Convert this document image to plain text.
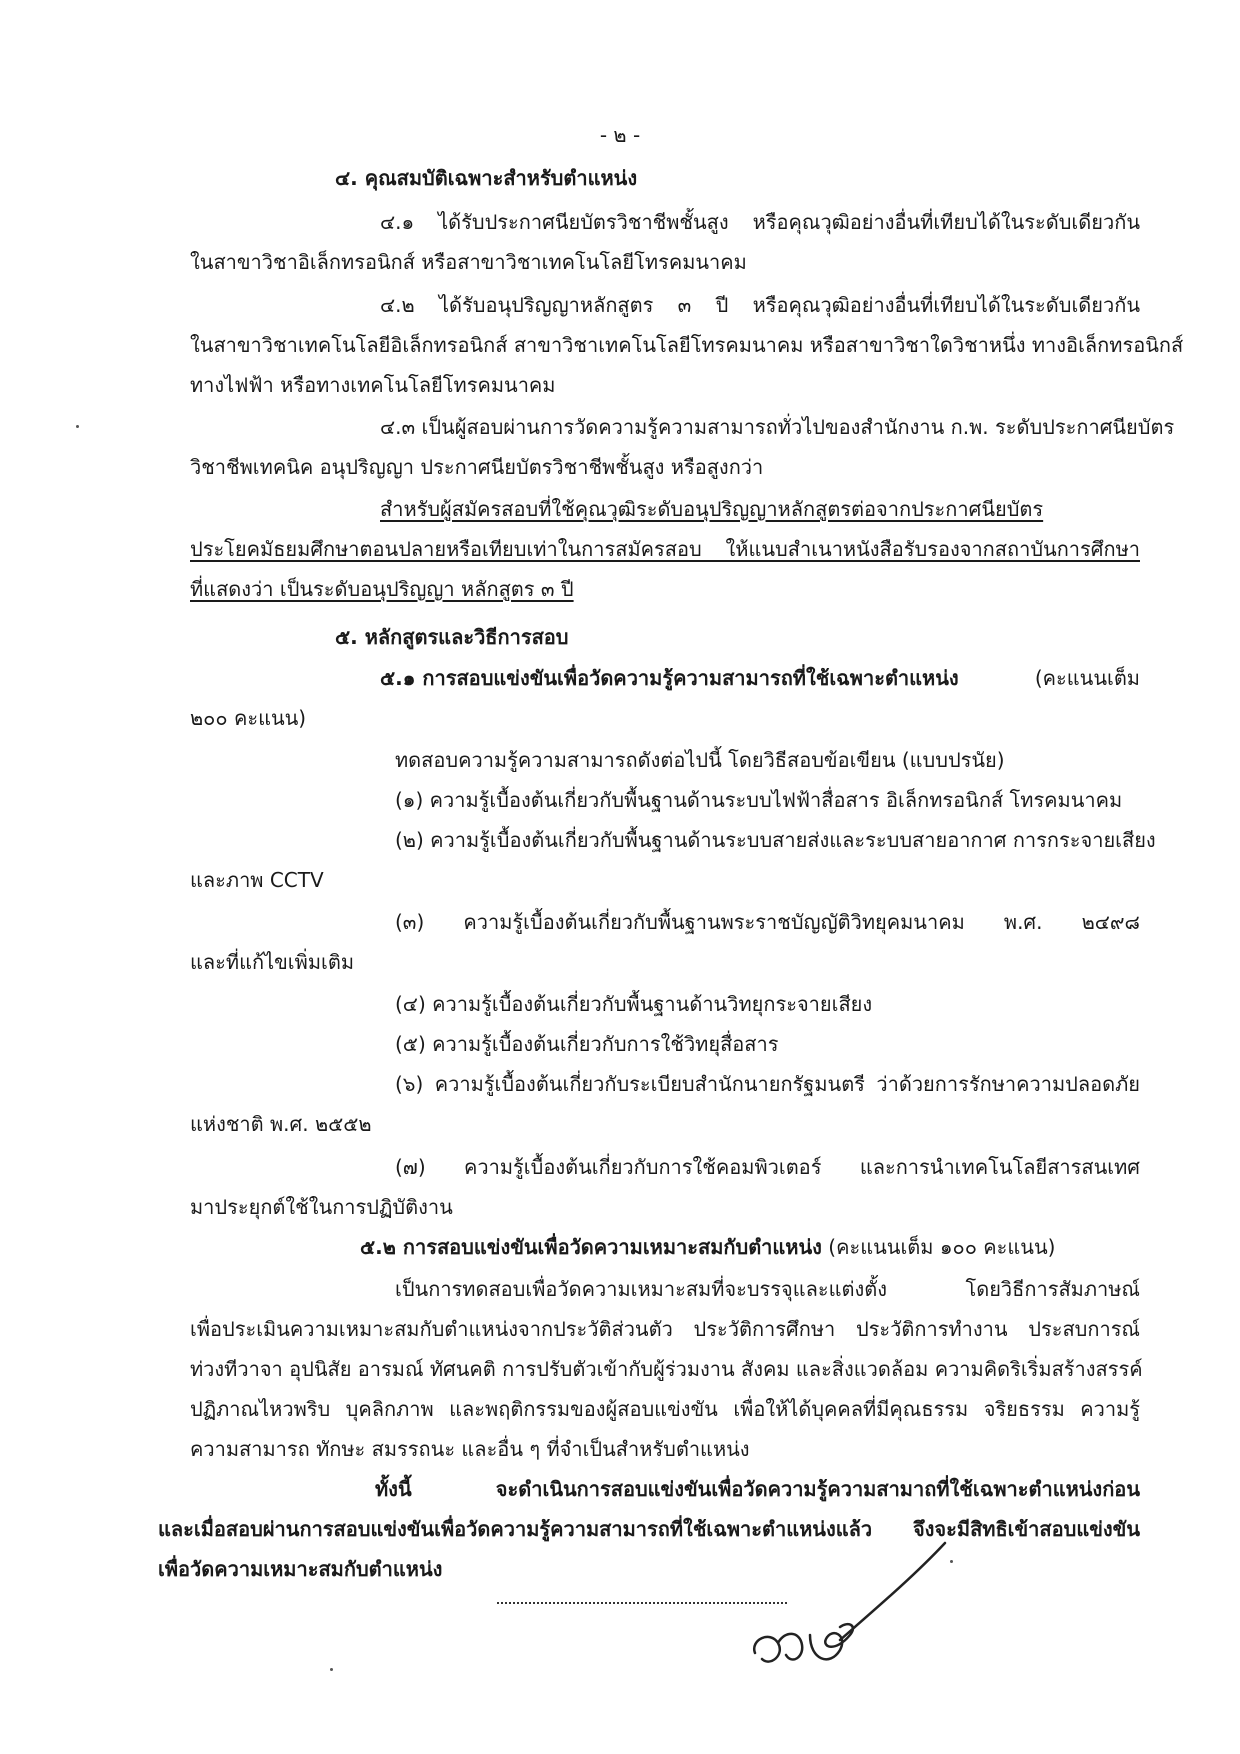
- ๒ -
๔. คุณสมบัติเฉพาะสำหรับตำแหน่ง
๔.๑ ได้รับประกาศนียบัตรวิชาชีพชั้นสูง หรือคุณวุฒิอย่างอื่นที่เทียบได้ในระดับเดียวกัน
ในสาขาวิชาอิเล็กทรอนิกส์ หรือสาขาวิชาเทคโนโลยีโทรคมนาคม
๔.๒ ได้รับอนุปริญญาหลักสูตร ๓ ปี หรือคุณวุฒิอย่างอื่นที่เทียบได้ในระดับเดียวกัน
ในสาขาวิชาเทคโนโลยีอิเล็กทรอนิกส์ สาขาวิชาเทคโนโลยีโทรคมนาคม หรือสาขาวิชาใดวิชาหนึ่ง ทางอิเล็กทรอนิกส์
ทางไฟฟ้า หรือทางเทคโนโลยีโทรคมนาคม
๔.๓ เป็นผู้สอบผ่านการวัดความรู้ความสามารถทั่วไปของสำนักงาน ก.พ. ระดับประกาศนียบัตร
วิชาชีพเทคนิค อนุปริญญา ประกาศนียบัตรวิชาชีพชั้นสูง หรือสูงกว่า
สำหรับผู้สมัครสอบที่ใช้คุณวุฒิระดับอนุปริญญาหลักสูตรต่อจากประกาศนียบัตร
ประโยคมัธยมศึกษาตอนปลายหรือเทียบเท่าในการสมัครสอบ ให้แนบสำเนาหนังสือรับรองจากสถาบันการศึกษา
ที่แสดงว่า เป็นระดับอนุปริญญา หลักสูตร ๓ ปี
๕. หลักสูตรและวิธีการสอบ
๕.๑ การสอบแข่งขันเพื่อวัดความรู้ความสามารถที่ใช้เฉพาะตำแหน่ง	(คะแนนเต็ม
๒๐๐ คะแนน)
ทดสอบความรู้ความสามารถดังต่อไปนี้ โดยวิธีสอบข้อเขียน (แบบปรนัย)
(๑) ความรู้เบื้องต้นเกี่ยวกับพื้นฐานด้านระบบไฟฟ้าสื่อสาร อิเล็กทรอนิกส์ โทรคมนาคม
(๒) ความรู้เบื้องต้นเกี่ยวกับพื้นฐานด้านระบบสายส่งและระบบสายอากาศ การกระจายเสียง
และภาพ CCTV
(๓) ความรู้เบื้องต้นเกี่ยวกับพื้นฐานพระราชบัญญัติวิทยุคมนาคม พ.ศ. ๒๔๙๘
และที่แก้ไขเพิ่มเติม
(๔) ความรู้เบื้องต้นเกี่ยวกับพื้นฐานด้านวิทยุกระจายเสียง
(๕) ความรู้เบื้องต้นเกี่ยวกับการใช้วิทยุสื่อสาร
(๖) ความรู้เบื้องต้นเกี่ยวกับระเบียบสำนักนายกรัฐมนตรี ว่าด้วยการรักษาความปลอดภัย
แห่งชาติ พ.ศ. ๒๕๕๒
(๗) ความรู้เบื้องต้นเกี่ยวกับการใช้คอมพิวเตอร์ และการนำเทคโนโลยีสารสนเทศ
มาประยุกต์ใช้ในการปฏิบัติงาน
๕.๒ การสอบแข่งขันเพื่อวัดความเหมาะสมกับตำแหน่ง (คะแนนเต็ม ๑๐๐ คะแนน)
เป็นการทดสอบเพื่อวัดความเหมาะสมที่จะบรรจุและแต่งตั้ง โดยวิธีการสัมภาษณ์
เพื่อประเมินความเหมาะสมกับตำแหน่งจากประวัติส่วนตัว ประวัติการศึกษา ประวัติการทำงาน ประสบการณ์
ท่วงทีวาจา อุปนิสัย อารมณ์ ทัศนคติ การปรับตัวเข้ากับผู้ร่วมงาน สังคม และสิ่งแวดล้อม ความคิดริเริ่มสร้างสรรค์
ปฏิภาณไหวพริบ บุคลิกภาพ และพฤติกรรมของผู้สอบแข่งขัน เพื่อให้ได้บุคคลที่มีคุณธรรม จริยธรรม ความรู้
ความสามารถ ทักษะ สมรรถนะ และอื่น ๆ ที่จำเป็นสำหรับตำแหน่ง
ทั้งนี้ จะดำเนินการสอบแข่งขันเพื่อวัดความรู้ความสามาถที่ใช้เฉพาะตำแหน่งก่อน
และเมื่อสอบผ่านการสอบแข่งขันเพื่อวัดความรู้ความสามารถที่ใช้เฉพาะตำแหน่งแล้ว จึงจะมีสิทธิเข้าสอบแข่งขัน
เพื่อวัดความเหมาะสมกับตำแหน่ง
